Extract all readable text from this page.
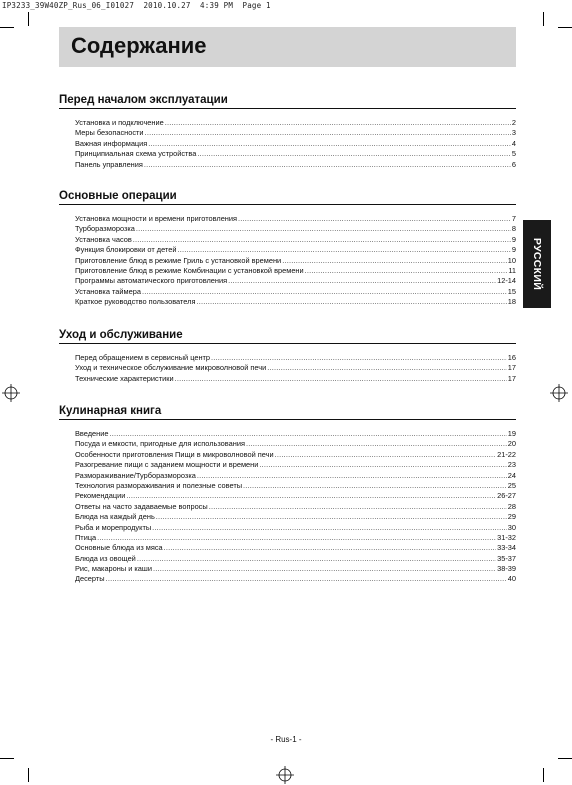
IP3233_39W40ZP_Rus_06_I01027  2010.10.27  4:39 PM  Page 1
Содержание
РУССКИЙ
Перед началом эксплуатации
Установка и подключение .....	2
Меры безопасности .....	3
Важная информация .....	4
Принципиальная схема устройства .....	5
Панель управления .....	6
Основные операции
Установка мощности и времени приготовления .....	7
Турборазморозка .....	8
Установка часов .....	9
Функция блокировки от детей .....	9
Приготовление блюд в режиме Гриль с установкой времени .....	10
Приготовление блюд в режиме Комбинации с установкой времени .....	11
Программы автоматического приготовления .....	12-14
Установка таймера .....	15
Краткое руководство пользователя .....	18
Уход и обслуживание
Перед обращением в сервисный центр .....	16
Уход и техническое обслуживание микроволновой печи .....	17
Технические характеристики .....	17
Кулинарная книга
Введение .....	19
Посуда и емкости, пригодные для использования .....	20
Особенности приготовления Пищи в микроволновой печи .....	21-22
Разогревание пищи с заданием мощности и времени .....	23
Размораживание/Турборазморозка .....	24
Технология размораживания и полезные советы .....	25
Рекомендации .....	26-27
Ответы на часто задаваемые вопросы .....	28
Блюда на каждый день .....	29
Рыба и морепродукты .....	30
Птица .....	31-32
Основные блюда из мяса .....	33-34
Блюда из овощей .....	35-37
Рис, макароны и каши .....	38-39
Десерты .....	40
- Rus-1 -
